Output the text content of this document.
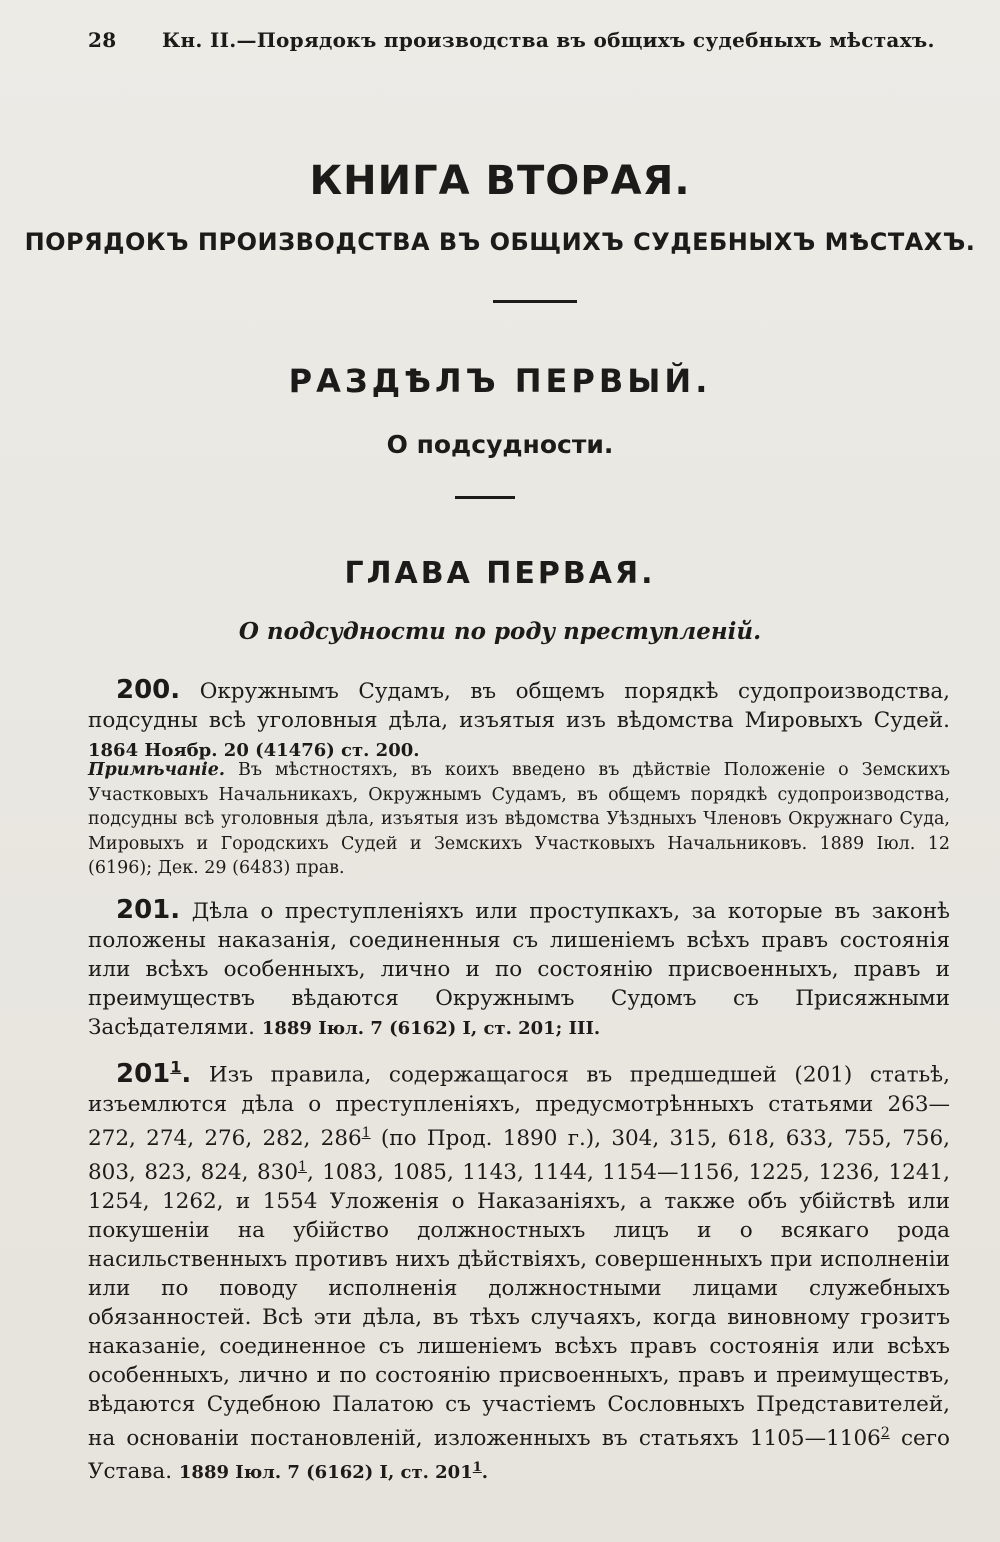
28 Кн. II.—Порядокъ производства въ общихъ судебныхъ мѣстахъ.
КНИГА ВТОРАЯ.
ПОРЯДОКЪ ПРОИЗВОДСТВА ВЪ ОБЩИХЪ СУДЕБНЫХЪ МѢСТАХЪ.
РАЗДѢЛЪ ПЕРВЫЙ.
О подсудности.
ГЛАВА ПЕРВАЯ.
О подсудности по роду преступленій.
200. Окружнымъ Судамъ, въ общемъ порядкѣ судопроизводства, подсудны всѣ уголовныя дѣла, изъятыя изъ вѣдомства Мировыхъ Судей. 1864 Ноябр. 20 (41476) ст. 200.
Примѣчаніе. Въ мѣстностяхъ, въ коихъ введено въ дѣйствіе Положеніе о Земскихъ Участковыхъ Начальникахъ, Окружнымъ Судамъ, въ общемъ порядкѣ судопроизводства, подсудны всѣ уголовныя дѣла, изъятыя изъ вѣдомства Уѣздныхъ Членовъ Окружнаго Суда, Мировыхъ и Городскихъ Судей и Земскихъ Участковыхъ Начальниковъ. 1889 Іюл. 12 (6196); Дек. 29 (6483) прав.
201. Дѣла о преступленіяхъ или проступкахъ, за которые въ законѣ положены наказанія, соединенныя съ лишеніемъ всѣхъ правъ состоянія или всѣхъ особенныхъ, лично и по состоянію присвоенныхъ, правъ и преимуществъ вѣдаются Окружнымъ Судомъ съ Присяжными Засѣдателями. 1889 Іюл. 7 (6162) I, ст. 201; III.
$201^1$. Изъ правила, содержащагося въ предшедшей (201) статьѣ, изъемлются дѣла о преступленіяхъ, предусмотрѣнныхъ статьями 263—272, 274, 276, 282, $286^1$ (по Прод. 1890 г.), 304, 315, 618, 633, 755, 756, 803, 823, 824, $830^1$, 1083, 1085, 1143, 1144, 1154—1156, 1225, 1236, 1241, 1254, 1262, и 1554 Уложенія о Наказаніяхъ, а также объ убійствѣ или покушеніи на убійство должностныхъ лицъ и о всякаго рода насильственныхъ противъ нихъ дѣйствіяхъ, совершенныхъ при исполненіи или по поводу исполненія должностными лицами служебныхъ обязанностей. Всѣ эти дѣла, въ тѣхъ случаяхъ, когда виновному грозитъ наказаніе, соединенное съ лишеніемъ всѣхъ правъ состоянія или всѣхъ особенныхъ, лично и по состоянію присвоенныхъ, правъ и преимуществъ, вѣдаются Судебною Палатою съ участіемъ Сословныхъ Представителей, на основаніи постановленій, изложенныхъ въ статьяхъ 1105—1106$^2$ сего Устава. 1889 Іюл. 7 (6162) I, ст. $201^1$.
